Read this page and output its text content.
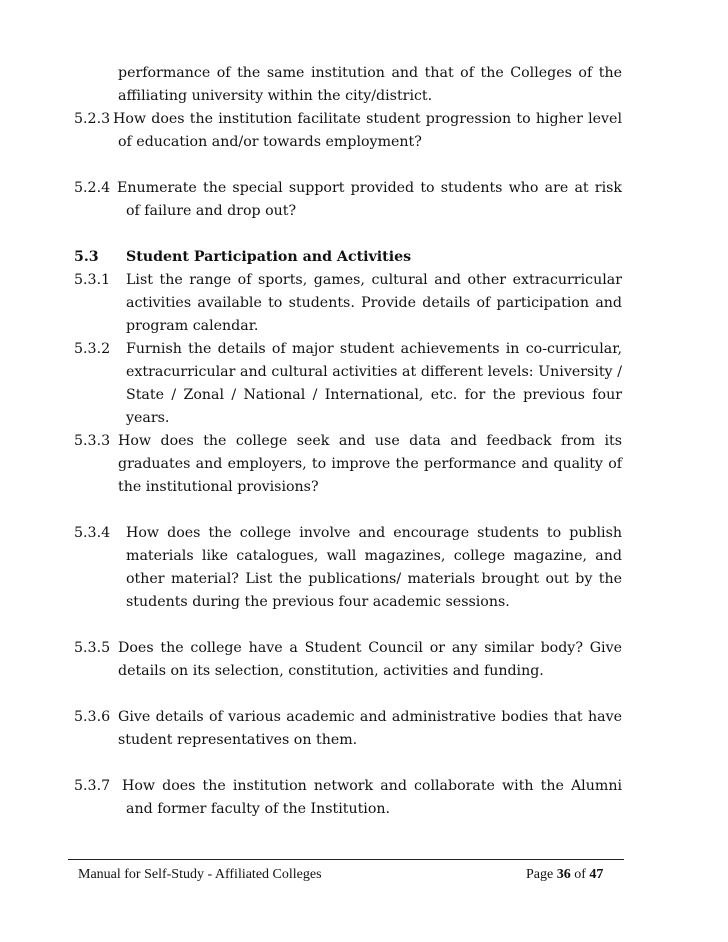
performance of the same institution and that of the Colleges of the affiliating university within the city/district.
5.2.3 How does the institution facilitate student progression to higher level of education and/or towards employment?
5.2.4 Enumerate the special support provided to students who are at risk of failure and drop out?
5.3	Student Participation and Activities
5.3.1	List the range of sports, games, cultural and other extracurricular activities available to students. Provide details of participation and program calendar.
5.3.2	Furnish the details of major student achievements in co-curricular, extracurricular and cultural activities at different levels: University / State / Zonal / National / International, etc. for the previous four years.
5.3.3 How does the college seek and use data and feedback from its graduates and employers, to improve the performance and quality of the institutional provisions?
5.3.4	How does the college involve and encourage students to publish materials like catalogues, wall magazines, college magazine, and other material? List the publications/ materials brought out by the students during the previous four academic sessions.
5.3.5 Does the college have a Student Council or any similar body? Give details on its selection, constitution, activities and funding.
5.3.6 Give details of various academic and administrative bodies that have student representatives on them.
5.3.7 How does the institution network and collaborate with the Alumni and former faculty of the Institution.
Manual for Self-Study - Affiliated Colleges	Page 36 of 47
